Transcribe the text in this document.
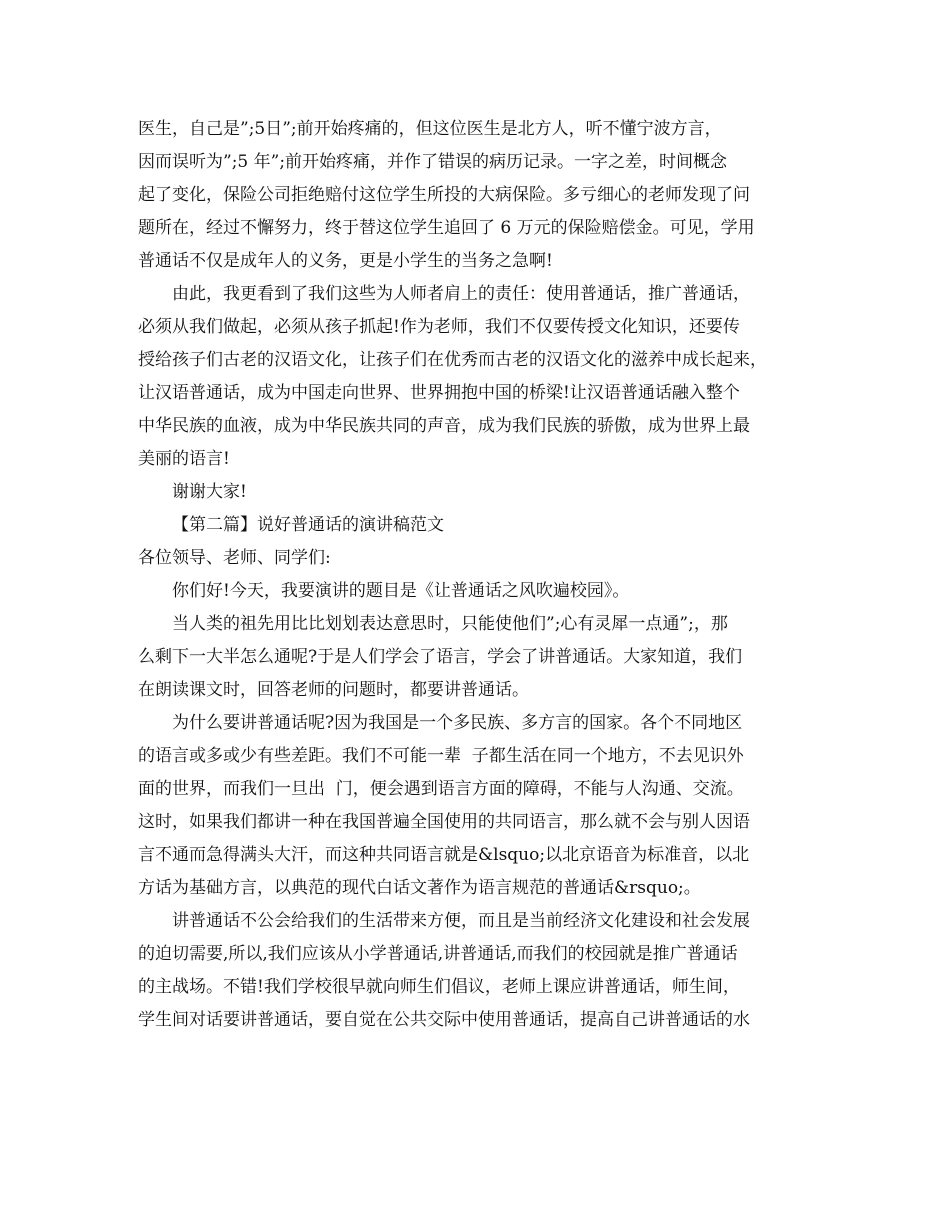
医生，自己是”;5日”;前开始疼痛的，但这位医生是北方人，听不懂宁波方言，
因而误听为”;5 年”;前开始疼痛，并作了错误的病历记录。一字之差，时间概念
起了变化，保险公司拒绝赔付这位学生所投的大病保险。多亏细心的老师发现了问
题所在，经过不懈努力，终于替这位学生追回了 6 万元的保险赔偿金。可见，学用
普通话不仅是成年人的义务，更是小学生的当务之急啊!
由此，我更看到了我们这些为人师者肩上的责任：使用普通话，推广普通话，
必须从我们做起，必须从孩子抓起!作为老师，我们不仅要传授文化知识，还要传
授给孩子们古老的汉语文化，让孩子们在优秀而古老的汉语文化的滋养中成长起来，
让汉语普通话，成为中国走向世界、世界拥抱中国的桥梁!让汉语普通话融入整个
中华民族的血液，成为中华民族共同的声音，成为我们民族的骄傲，成为世界上最
美丽的语言!
谢谢大家!
【第二篇】说好普通话的演讲稿范文
各位领导、老师、同学们:
你们好!今天，我要演讲的题目是《让普通话之风吹遍校园》。
当人类的祖先用比比划划表达意思时，只能使他们”;心有灵犀一点通”;，那
么剩下一大半怎么通呢?于是人们学会了语言，学会了讲普通话。大家知道，我们
在朗读课文时，回答老师的问题时，都要讲普通话。
为什么要讲普通话呢?因为我国是一个多民族、多方言的国家。各个不同地区
的语言或多或少有些差距。我们不可能一辈  子都生活在同一个地方，不去见识外
面的世界，而我们一旦出  门，便会遇到语言方面的障碍，不能与人沟通、交流。
这时，如果我们都讲一种在我国普遍全国使用的共同语言，那么就不会与别人因语
言不通而急得满头大汗，而这种共同语言就是&lsquo;以北京语音为标准音，以北
方话为基础方言，以典范的现代白话文著作为语言规范的普通话&rsquo;。
讲普通话不公会给我们的生活带来方便，而且是当前经济文化建设和社会发展
的迫切需要,所以,我们应该从小学普通话,讲普通话,而我们的校园就是推广普通话
的主战场。不错!我们学校很早就向师生们倡议，老师上课应讲普通话，师生间，
学生间对话要讲普通话，要自觉在公共交际中使用普通话，提高自己讲普通话的水
